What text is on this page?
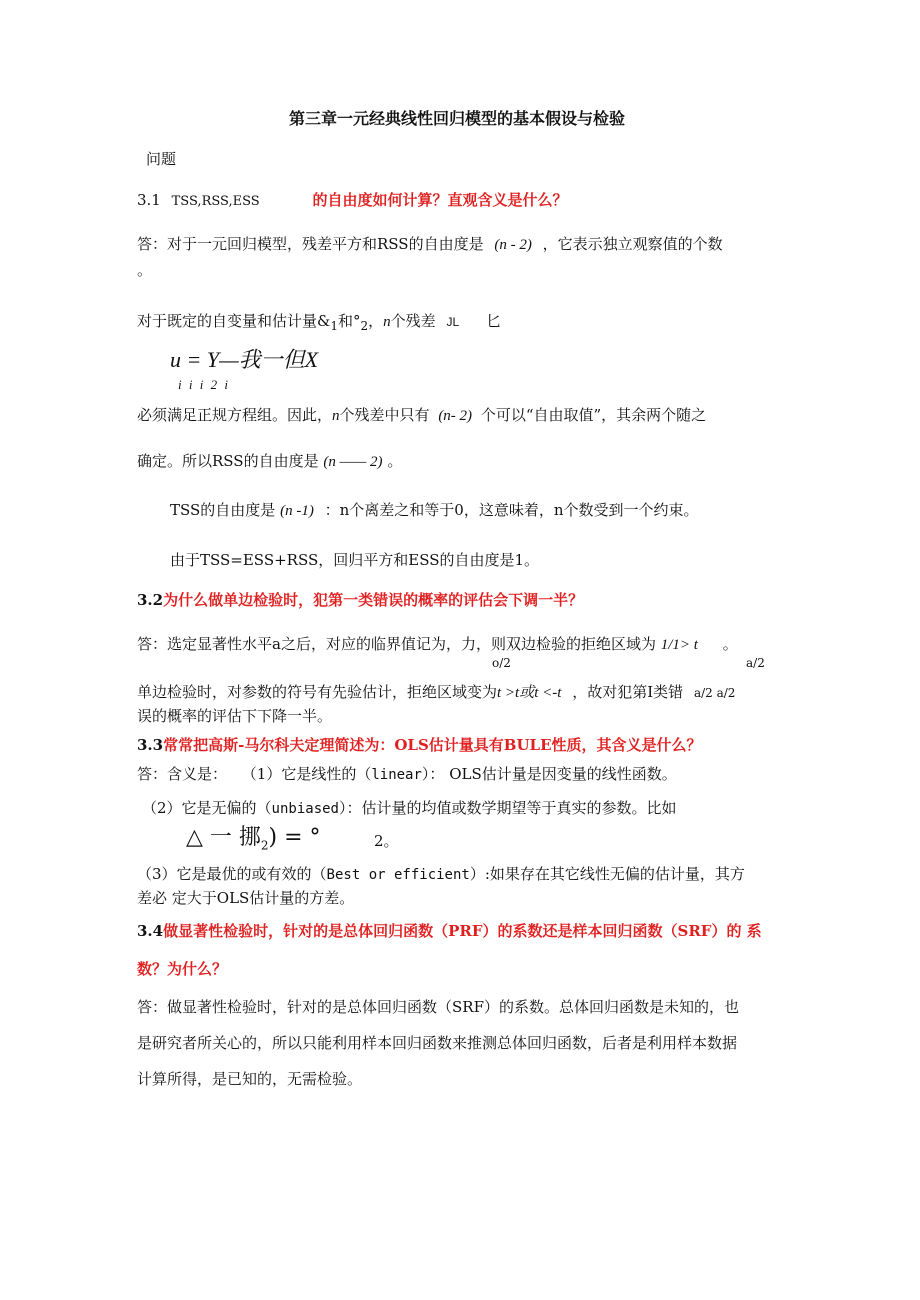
第三章一元经典线性回归模型的基本假设与检验
问题
3.1 TSS,RSS,ESS	的自由度如何计算？直观含义是什么？
答：对于一元回归模型，残差平方和RSS的自由度是 (n - 2) ，它表示独立观察值的个数
。
对于既定的自变量和估计量$\&_1$和$^\circ_2$，n个残差 JL 匕
u = Y—我一但X
i i i 2 i
必须满足正规方程组。因此，n个残差中只有 (n- 2) 个可以“自由取值”，其余两个随之
确定。所以RSS的自由度是 (n —— 2) 。
TSS的自由度是 (n -1) ：n个离差之和等于0，这意味着，n个数受到一个约束。
由于TSS=ESS+RSS，回归平方和ESS的自由度是1。
3.2为什么做单边检验时，犯第一类错误的概率的评估会下调一半？
答：选定显著性水平a之后，对应的临界值记为，力，则双边检验的拒绝区域为 1/1> t 。
o/2	a/2
单边检验时，对参数的符号有先验估计，拒绝区域变为t >t或t <-t ，故对犯第I类错 a/2 a/2
误的概率的评估下下降一半。
3.3常常把高斯-马尔科夫定理简述为：OLS估计量具有BULE性质，其含义是什么？
答：含义是： （1）它是线性的（linear）： OLS估计量是因变量的线性函数。
（2）它是无偏的（unbiased）：估计量的均值或数学期望等于真实的参数。比如
△ 一 挪$_2$) = °	2。
（3）它是最优的或有效的（Best or efficient）:如果存在其它线性无偏的估计量，其方
差必 定大于OLS估计量的方差。
3.4做显著性检验时，针对的是总体回归函数（PRF）的系数还是样本回归函数（SRF）的 系
数？为什么？
答：做显著性检验时，针对的是总体回归函数（SRF）的系数。总体回归函数是未知的，也
是研究者所关心的，所以只能利用样本回归函数来推测总体回归函数，后者是利用样本数据
计算所得，是已知的，无需检验。
